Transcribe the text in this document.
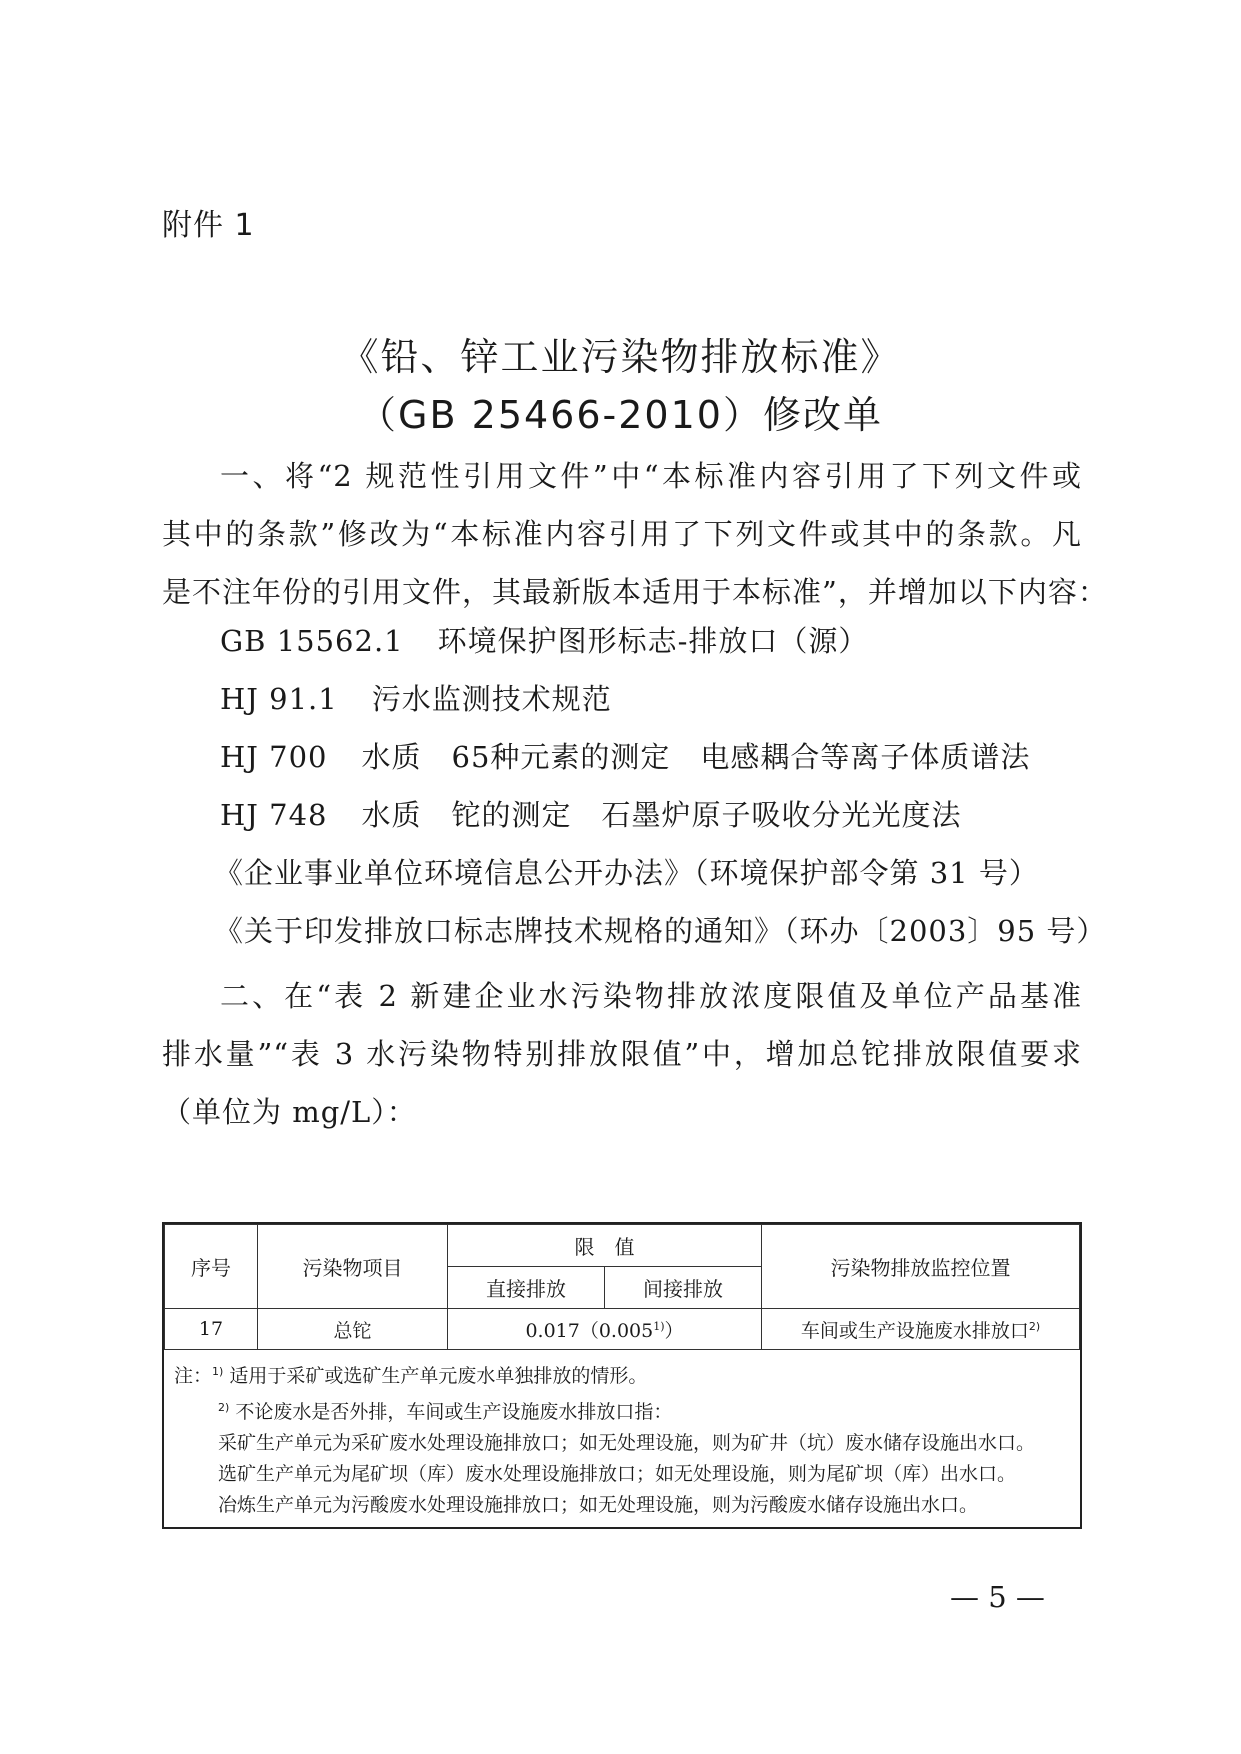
附件 1
《铅、锌工业污染物排放标准》
（GB 25466-2010）修改单
一、将“2 规范性引用文件”中“本标准内容引用了下列文件或
其中的条款”修改为“本标准内容引用了下列文件或其中的条款。凡
是不注年份的引用文件，其最新版本适用于本标准”，并增加以下内容：
GB 15562.1 环境保护图形标志-排放口（源）
HJ 91.1 污水监测技术规范
HJ 700 水质　65种元素的测定　电感耦合等离子体质谱法
HJ 748 水质　铊的测定　石墨炉原子吸收分光光度法
《企业事业单位环境信息公开办法》（环境保护部令第 31 号）
《关于印发排放口标志牌技术规格的通知》（环办〔2003〕95 号）
二、在“表 2 新建企业水污染物排放浓度限值及单位产品基准
排水量”“表 3 水污染物特别排放限值”中，增加总铊排放限值要求
（单位为 mg/L）：
序号	污染物项目	限　值		污染物排放监控位置
		直接排放	间接排放	
17	总铊	0.017（0.005$^{1)}$）		车间或生产设施废水排放口$^{2)}$
注：$^{1)}$ 适用于采矿或选矿生产单元废水单独排放的情形。
$^{2)}$ 不论废水是否外排，车间或生产设施废水排放口指：
采矿生产单元为采矿废水处理设施排放口；如无处理设施，则为矿井（坑）废水储存设施出水口。
选矿生产单元为尾矿坝（库）废水处理设施排放口；如无处理设施，则为尾矿坝（库）出水口。
冶炼生产单元为污酸废水处理设施排放口；如无处理设施，则为污酸废水储存设施出水口。
— 5 —
